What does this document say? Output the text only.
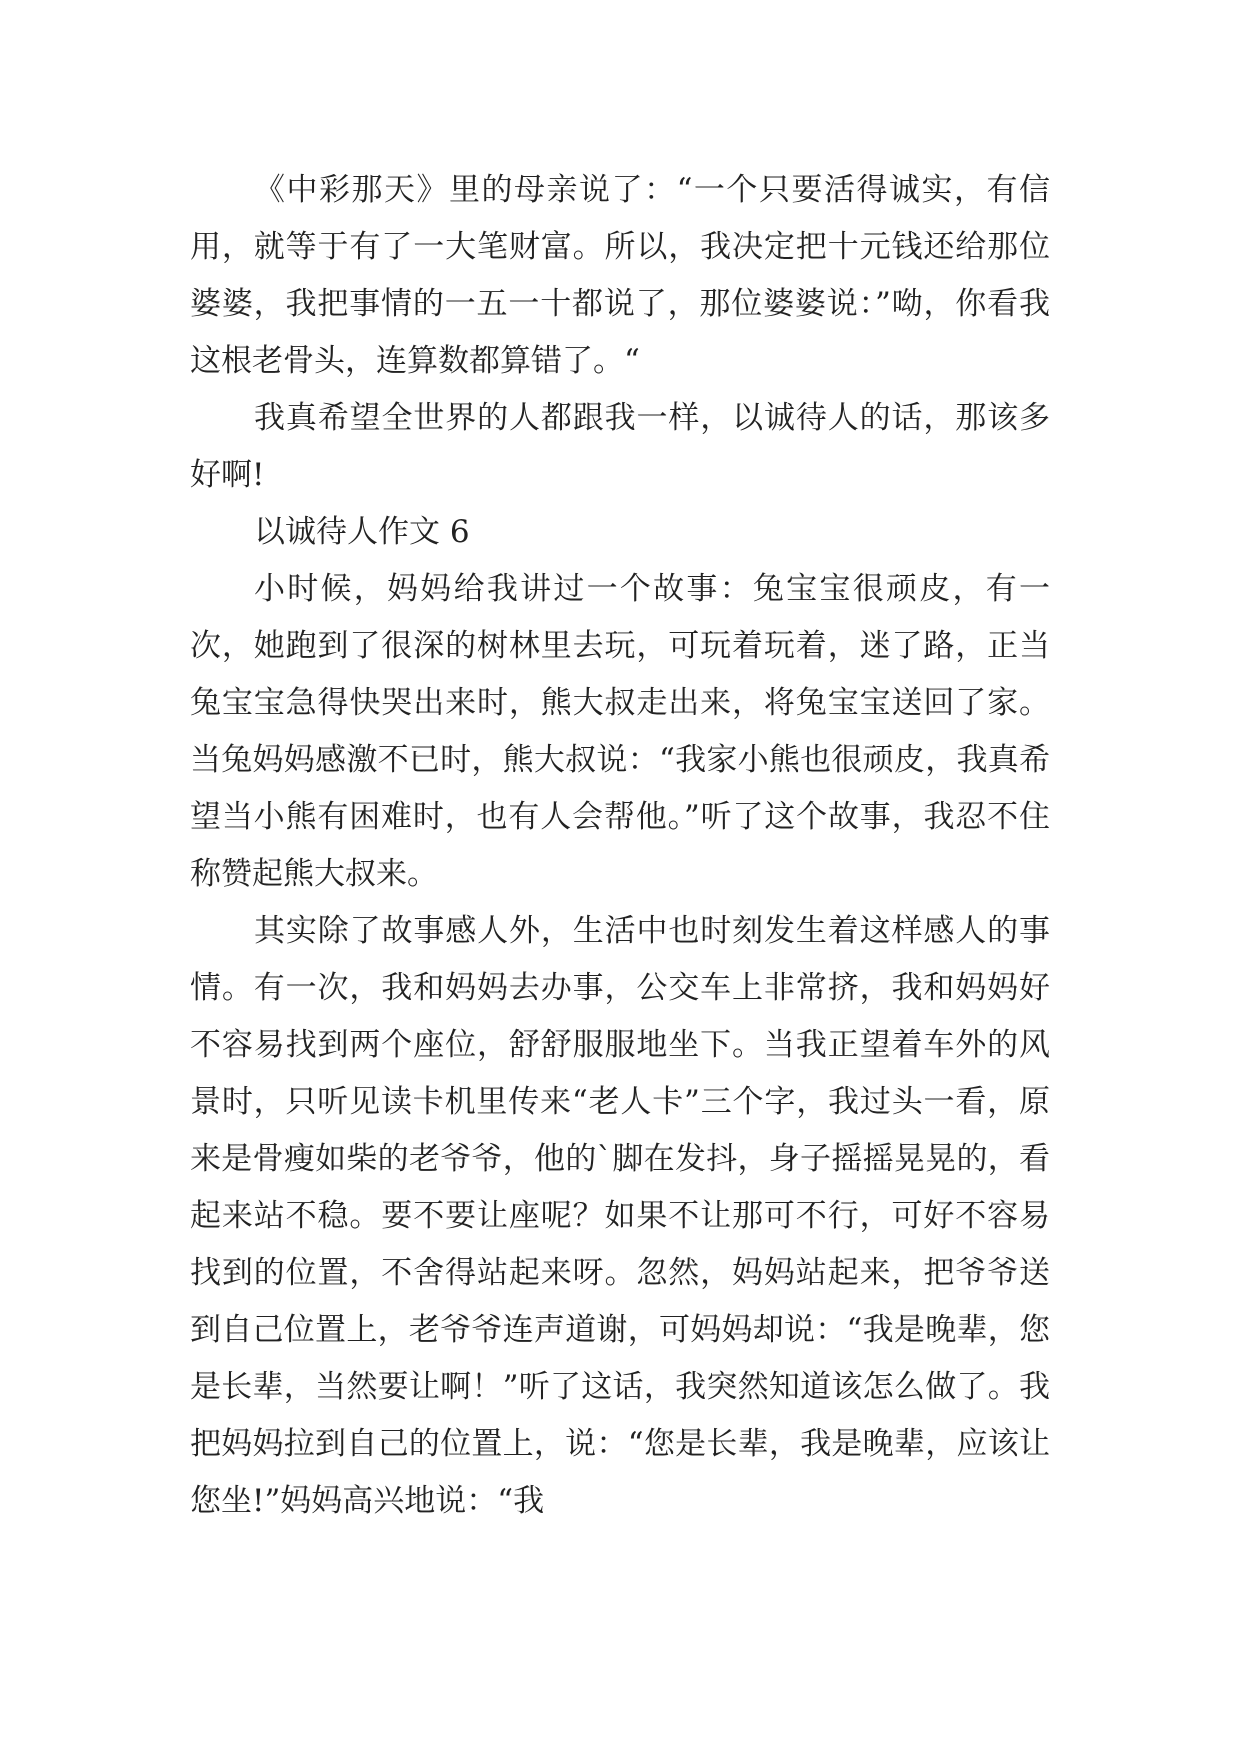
《中彩那天》里的母亲说了：“一个只要活得诚实，有信用，就等于有了一大笔财富。所以，我决定把十元钱还给那位婆婆，我把事情的一五一十都说了，那位婆婆说：”呦，你看我这根老骨头，连算数都算错了。“

我真希望全世界的人都跟我一样，以诚待人的话，那该多好啊!

以诚待人作文 6

小时候，妈妈给我讲过一个故事：兔宝宝很顽皮，有一次，她跑到了很深的树林里去玩，可玩着玩着，迷了路，正当兔宝宝急得快哭出来时，熊大叔走出来，将兔宝宝送回了家。当兔妈妈感激不已时，熊大叔说：“我家小熊也很顽皮，我真希望当小熊有困难时，也有人会帮他。”听了这个故事，我忍不住称赞起熊大叔来。

其实除了故事感人外，生活中也时刻发生着这样感人的事情。有一次，我和妈妈去办事，公交车上非常挤，我和妈妈好不容易找到两个座位，舒舒服服地坐下。当我正望着车外的风景时，只听见读卡机里传来“老人卡”三个字，我过头一看，原来是骨瘦如柴的老爷爷，他的`脚在发抖，身子摇摇晃晃的，看起来站不稳。要不要让座呢？如果不让那可不行，可好不容易找到的位置，不舍得站起来呀。忽然，妈妈站起来，把爷爷送到自己位置上，老爷爷连声道谢，可妈妈却说：“我是晚辈，您是长辈，当然要让啊！”听了这话，我突然知道该怎么做了。我把妈妈拉到自己的位置上，说：“您是长辈，我是晚辈，应该让您坐!”妈妈高兴地说：“我
